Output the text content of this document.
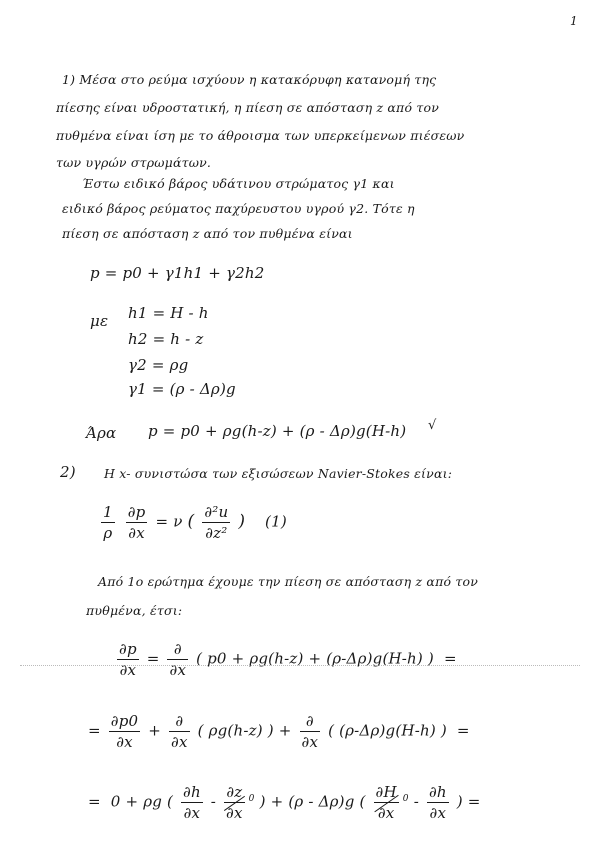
1
1) Μέσα στο ρεύμα ισχύουν η κατακόρυφη κατανομή της
πίεσης είναι υδροστατική, η πίεση σε απόσταση z από τον
πυθμένα είναι ίση με το άθροισμα των υπερκείμενων πιέσεων
των υγρών στρωμάτων.
Έστω ειδικό βάρος υδάτινου στρώματος γ1 και
ειδικό βάρος ρεύματος παχύρευστου υγρού γ2. Τότε η
πίεση σε απόσταση z από τον πυθμένα είναι
p = p0 + γ1h1 + γ2h2
με h1 = H - h
h2 = h - z
γ2 = ρg
γ1 = (ρ - Δρ)g
Άρα p = p0 + ρg(h-z) + (ρ - Δρ)g(H-h) √
2) Η x- συνιστώσα των εξισώσεων Navier-Stokes είναι:
$\frac{1}{\rho}$
$\frac{\partial p}{\partial x} = \nu$ ( $\frac{\text{∂²u}}{\text{∂z²}}$ ) (1)
Από 1ο ερώτημα έχουμε την πίεση σε απόσταση z από τον
πυθμένα, έτσι:
$\frac{\partial p}{\partial x} = \frac{\partial}{\partial x}$ ( p0 + ρg(h-z) + (ρ-Δρ)g(H-h) ) =
= $\frac{\partial p0}{\partial x} + \frac{\partial}{\partial x}$ ( ρg(h-z) ) + $\frac{\partial}{\partial x}$ ( (ρ-Δρ)g(H-h) ) =
= 0 + ρg ( $\frac{\partial h}{\partial x} - \frac{\partial z}{\partial x} ^0$ ) + (ρ - Δρ)g ( $\frac{\partial H}{\partial x} ^0 - \frac{\partial h}{\partial x}$ ) =
